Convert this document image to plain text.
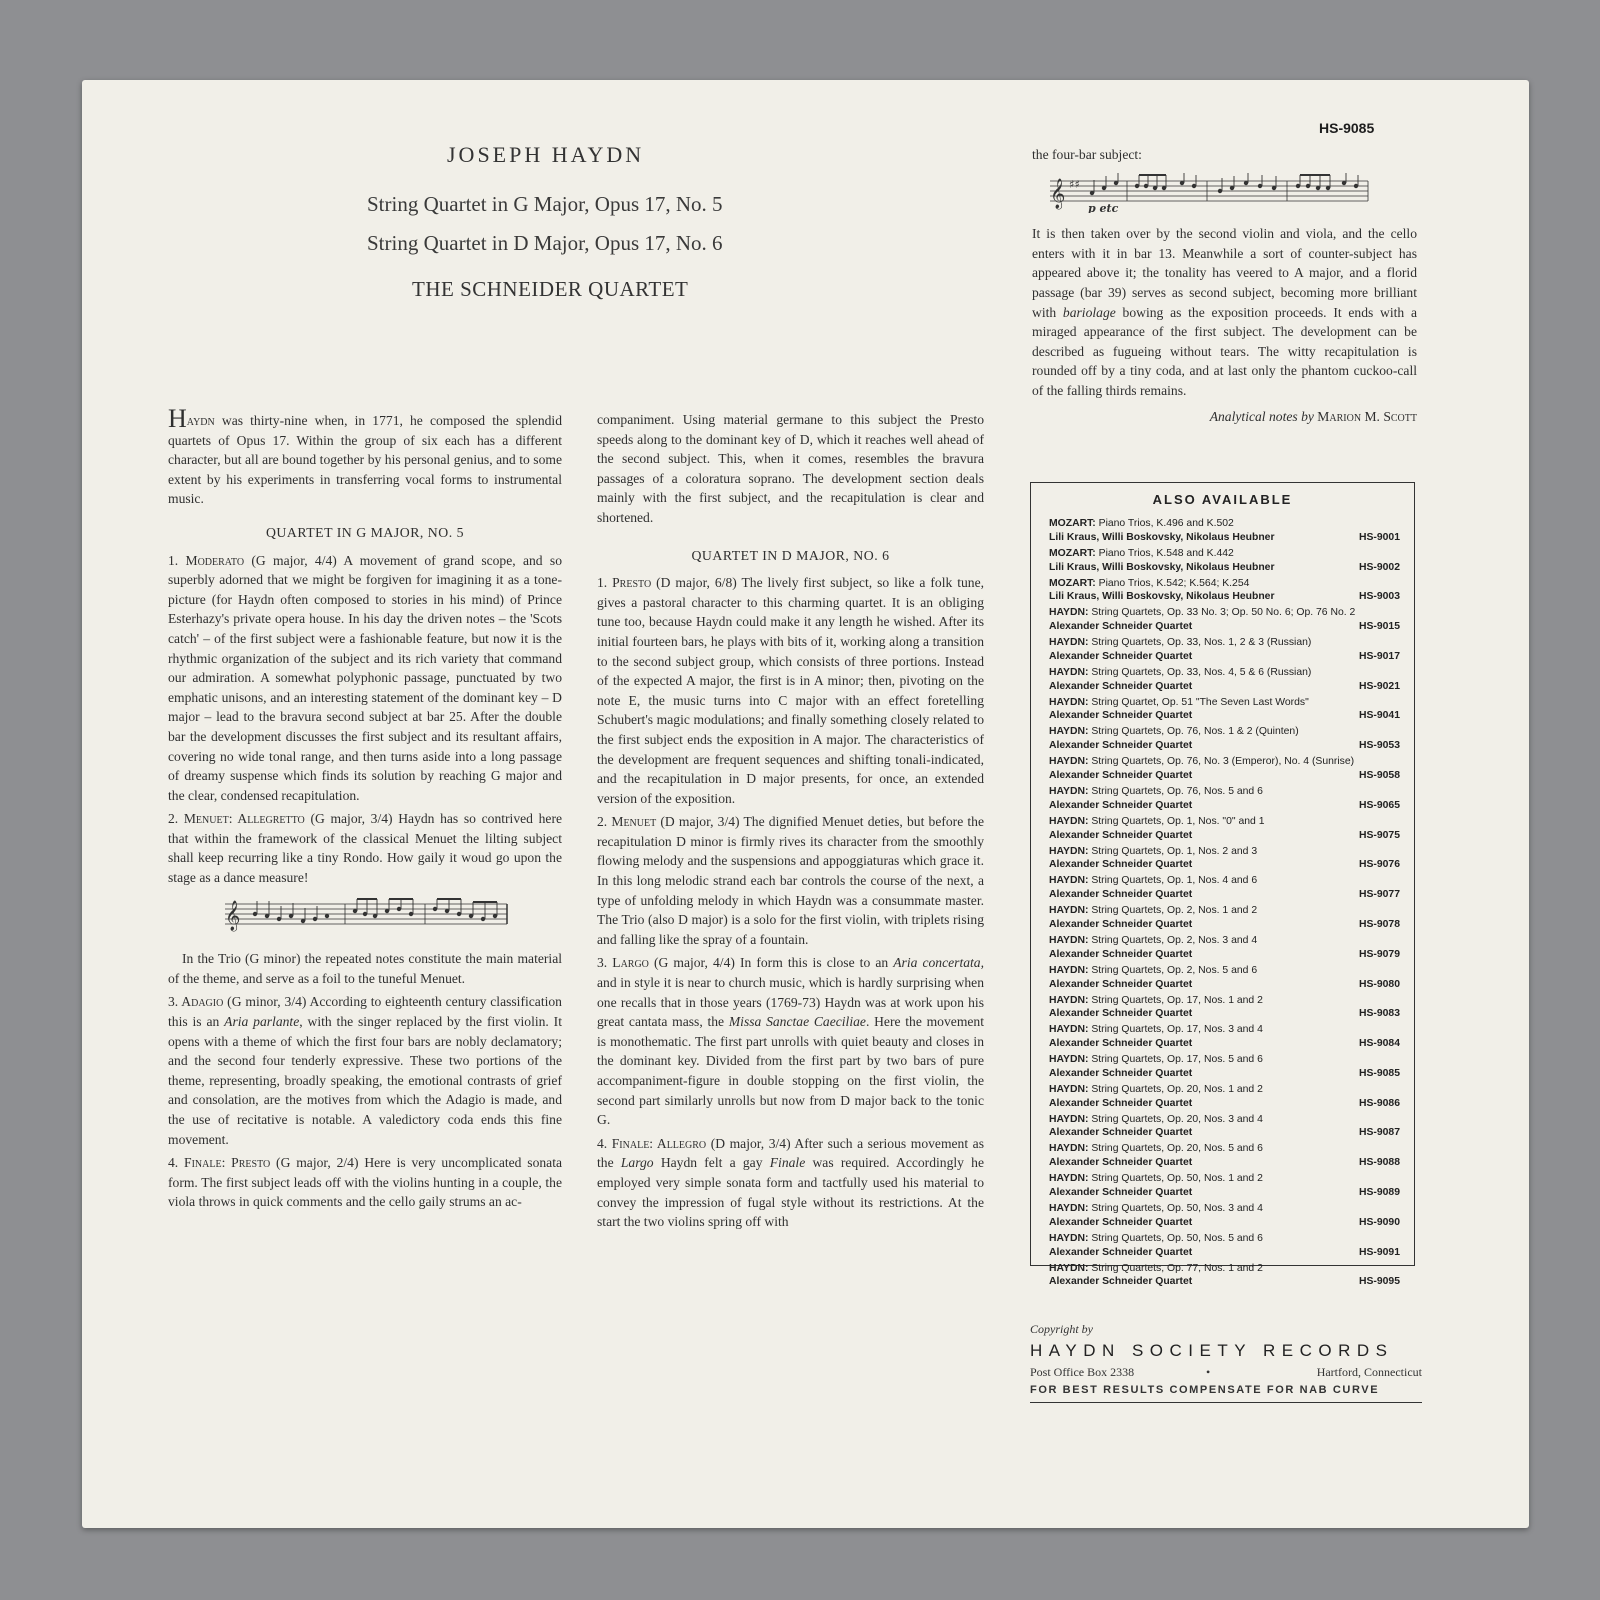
HS-9085
JOSEPH HAYDN
String Quartet in G Major, Opus 17, No. 5
String Quartet in D Major, Opus 17, No. 6
THE SCHNEIDER QUARTET

Haydn was thirty-nine when, in 1771, he composed the splendid quartets of Opus 17. Within the group of six each has a different character, but all are bound together by his personal genius, and to some extent by his experiments in transferring vocal forms to instrumental music.

QUARTET IN G MAJOR, NO. 5

1. Moderato (G major, 4/4) A movement of grand scope, and so superbly adorned that we might be forgiven for imagining it as a tone-picture (for Haydn often composed to stories in his mind) of Prince Esterhazy's private opera house. In his day the driven notes – the 'Scots catch' – of the first subject were a fashionable feature, but now it is the rhythmic organization of the subject and its rich variety that command our admiration. A somewhat polyphonic passage, punctuated by two emphatic unisons, and an interesting statement of the dominant key – D major – lead to the bravura second subject at bar 25. After the double bar the development discusses the first subject and its resultant affairs, covering no wide tonal range, and then turns aside into a long passage of dreamy suspense which finds its solution by reaching G major and the clear, condensed recapitulation.

2. Menuet: Allegretto (G major, 3/4) Haydn has so contrived here that within the framework of the classical Menuet the lilting subject shall keep recurring like a tiny Rondo. How gaily it woud go upon the stage as a dance measure!

𝄞

In the Trio (G minor) the repeated notes constitute the main material of the theme, and serve as a foil to the tuneful Menuet.

3. Adagio (G minor, 3/4) According to eighteenth century classification this is an Aria parlante, with the singer replaced by the first violin. It opens with a theme of which the first four bars are nobly declamatory; and the second four tenderly expressive. These two portions of the theme, representing, broadly speaking, the emotional contrasts of grief and consolation, are the motives from which the Adagio is made, and the use of recitative is notable. A valedictory coda ends this fine movement.

4. Finale: Presto (G major, 2/4) Here is very uncomplicated sonata form. The first subject leads off with the violins hunting in a couple, the viola throws in quick comments and the cello gaily strums an ac-

companiment. Using material germane to this subject the Presto speeds along to the dominant key of D, which it reaches well ahead of the second subject. This, when it comes, resembles the bravura passages of a coloratura soprano. The development section deals mainly with the first subject, and the recapitulation is clear and shortened.

QUARTET IN D MAJOR, NO. 6

1. Presto (D major, 6/8) The lively first subject, so like a folk tune, gives a pastoral character to this charming quartet. It is an obliging tune too, because Haydn could make it any length he wished. After its initial fourteen bars, he plays with bits of it, working along a transition to the second subject group, which consists of three portions. Instead of the expected A major, the first is in A minor; then, pivoting on the note E, the music turns into C major with an effect foretelling Schubert's magic modulations; and finally something closely related to the first subject ends the exposition in A major. The characteristics of the development are frequent sequences and shifting tonali-indicated, and the recapitulation in D major presents, for once, an extended version of the exposition.

2. Menuet (D major, 3/4) The dignified Menuet deties, but before the recapitulation D minor is firmly rives its character from the smoothly flowing melody and the suspensions and appoggiaturas which grace it. In this long melodic strand each bar controls the course of the next, a type of unfolding melody in which Haydn was a consummate master. The Trio (also D major) is a solo for the first violin, with triplets rising and falling like the spray of a fountain.

3. Largo (G major, 4/4) In form this is close to an Aria concertata, and in style it is near to church music, which is hardly surprising when one recalls that in those years (1769-73) Haydn was at work upon his great cantata mass, the Missa Sanctae Caeciliae. Here the movement is monothematic. The first part unrolls with quiet beauty and closes in the dominant key. Divided from the first part by two bars of pure accompaniment-figure in double stopping on the first violin, the second part similarly unrolls but now from D major back to the tonic G.

4. Finale: Allegro (D major, 3/4) After such a serious movement as the Largo Haydn felt a gay Finale was required. Accordingly he employed very simple sonata form and tactfully used his material to convey the impression of fugal style without its restrictions. At the start the two violins spring off with

the four-bar subject:

𝄞 ♯♯
p etc

It is then taken over by the second violin and viola, and the cello enters with it in bar 13. Meanwhile a sort of counter-subject has appeared above it; the tonality has veered to A major, and a florid passage (bar 39) serves as second subject, becoming more brilliant with bariolage bowing as the exposition proceeds. It ends with a miraged appearance of the first subject. The development can be described as fugueing without tears. The witty recapitulation is rounded off by a tiny coda, and at last only the phantom cuckoo-call of the falling thirds remains.

Analytical notes by Marion M. Scott

ALSO AVAILABLE
MOZART: Piano Trios, K.496 and K.502
Lili Kraus, Willi Boskovsky, Nikolaus Heubner	HS-9001
MOZART: Piano Trios, K.548 and K.442
Lili Kraus, Willi Boskovsky, Nikolaus Heubner	HS-9002
MOZART: Piano Trios, K.542; K.564; K.254
Lili Kraus, Willi Boskovsky, Nikolaus Heubner	HS-9003
HAYDN: String Quartets, Op. 33 No. 3; Op. 50 No. 6; Op. 76 No. 2
Alexander Schneider Quartet	HS-9015
HAYDN: String Quartets, Op. 33, Nos. 1, 2 & 3 (Russian)
Alexander Schneider Quartet	HS-9017
HAYDN: String Quartets, Op. 33, Nos. 4, 5 & 6 (Russian)
Alexander Schneider Quartet	HS-9021
HAYDN: String Quartet, Op. 51 "The Seven Last Words"
Alexander Schneider Quartet	HS-9041
HAYDN: String Quartets, Op. 76, Nos. 1 & 2 (Quinten)
Alexander Schneider Quartet	HS-9053
HAYDN: String Quartets, Op. 76, No. 3 (Emperor), No. 4 (Sunrise)
Alexander Schneider Quartet	HS-9058
HAYDN: String Quartets, Op. 76, Nos. 5 and 6
Alexander Schneider Quartet	HS-9065
HAYDN: String Quartets, Op. 1, Nos. "0" and 1
Alexander Schneider Quartet	HS-9075
HAYDN: String Quartets, Op. 1, Nos. 2 and 3
Alexander Schneider Quartet	HS-9076
HAYDN: String Quartets, Op. 1, Nos. 4 and 6
Alexander Schneider Quartet	HS-9077
HAYDN: String Quartets, Op. 2, Nos. 1 and 2
Alexander Schneider Quartet	HS-9078
HAYDN: String Quartets, Op. 2, Nos. 3 and 4
Alexander Schneider Quartet	HS-9079
HAYDN: String Quartets, Op. 2, Nos. 5 and 6
Alexander Schneider Quartet	HS-9080
HAYDN: String Quartets, Op. 17, Nos. 1 and 2
Alexander Schneider Quartet	HS-9083
HAYDN: String Quartets, Op. 17, Nos. 3 and 4
Alexander Schneider Quartet	HS-9084
HAYDN: String Quartets, Op. 17, Nos. 5 and 6
Alexander Schneider Quartet	HS-9085
HAYDN: String Quartets, Op. 20, Nos. 1 and 2
Alexander Schneider Quartet	HS-9086
HAYDN: String Quartets, Op. 20, Nos. 3 and 4
Alexander Schneider Quartet	HS-9087
HAYDN: String Quartets, Op. 20, Nos. 5 and 6
Alexander Schneider Quartet	HS-9088
HAYDN: String Quartets, Op. 50, Nos. 1 and 2
Alexander Schneider Quartet	HS-9089
HAYDN: String Quartets, Op. 50, Nos. 3 and 4
Alexander Schneider Quartet	HS-9090
HAYDN: String Quartets, Op. 50, Nos. 5 and 6
Alexander Schneider Quartet	HS-9091
HAYDN: String Quartets, Op. 77, Nos. 1 and 2
Alexander Schneider Quartet	HS-9095
Copyright by
HAYDN SOCIETY RECORDS
Post Office Box 2338	•	Hartford, Connecticut
FOR BEST RESULTS COMPENSATE FOR NAB CURVE
